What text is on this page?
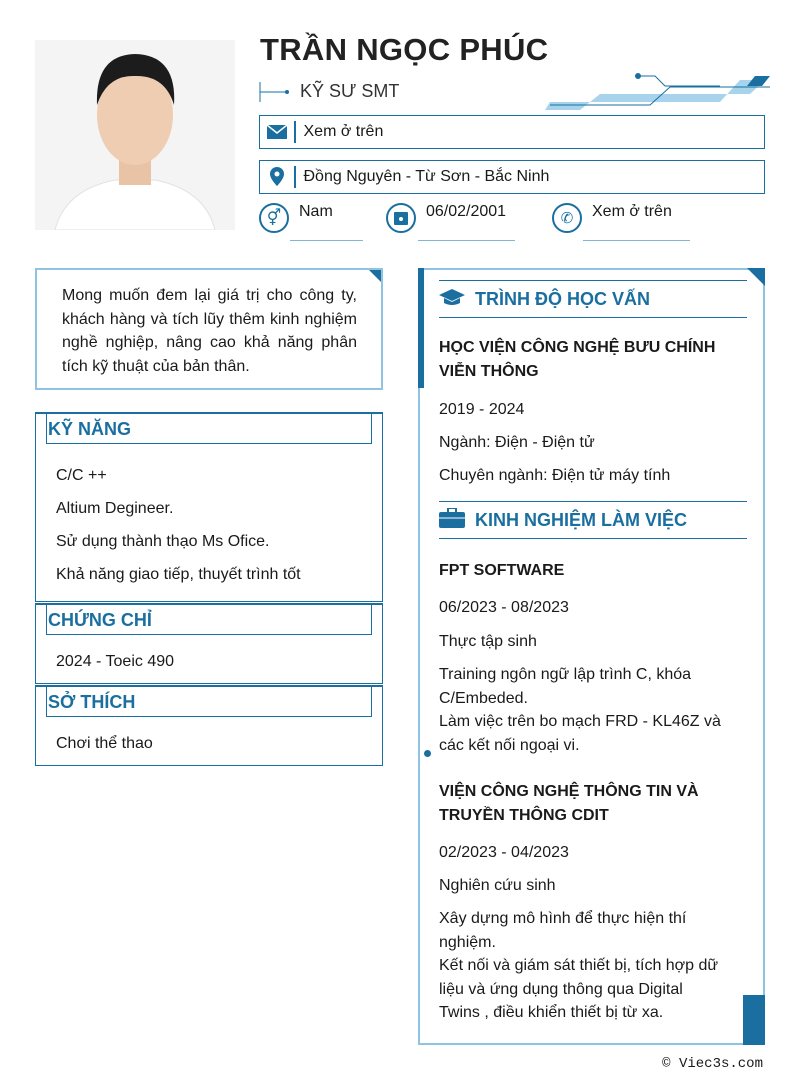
TRẦN NGỌC PHÚC
KỸ SƯ SMT
Xem ở trên
Đồng Nguyên - Từ Sơn - Bắc Ninh
⚥	Nam	06/02/2001	✆	Xem ở trên
Mong muốn đem lại giá trị cho công ty, khách hàng và tích lũy thêm kinh nghiệm nghề nghiệp, nâng cao khả năng phân tích kỹ thuật của bản thân.
KỸ NĂNG
C/C ++
Altium Degineer.
Sử dụng thành thạo Ms Ofice.
Khả năng giao tiếp, thuyết trình tốt
CHỨNG CHỈ
2024 - Toeic 490
SỞ THÍCH
Chơi thể thao
TRÌNH ĐỘ HỌC VẤN
HỌC VIỆN CÔNG NGHỆ BƯU CHÍNH VIỄN THÔNG
2019 - 2024
Ngành: Điện - Điện tử
Chuyên ngành: Điện tử máy tính
KINH NGHIỆM LÀM VIỆC
FPT SOFTWARE
06/2023 - 08/2023
Thực tập sinh
Training ngôn ngữ lập trình C, khóa C/Embeded.
Làm việc trên bo mạch FRD - KL46Z và các kết nối ngoại vi.
VIỆN CÔNG NGHỆ THÔNG TIN VÀ TRUYỀN THÔNG CDIT
02/2023 - 04/2023
Nghiên cứu sinh
Xây dựng mô hình để thực hiện thí nghiệm.
Kết nối và giám sát thiết bị, tích hợp dữ liệu và ứng dụng thông qua Digital Twins , điều khiển thiết bị từ xa.
© Viec3s.com
